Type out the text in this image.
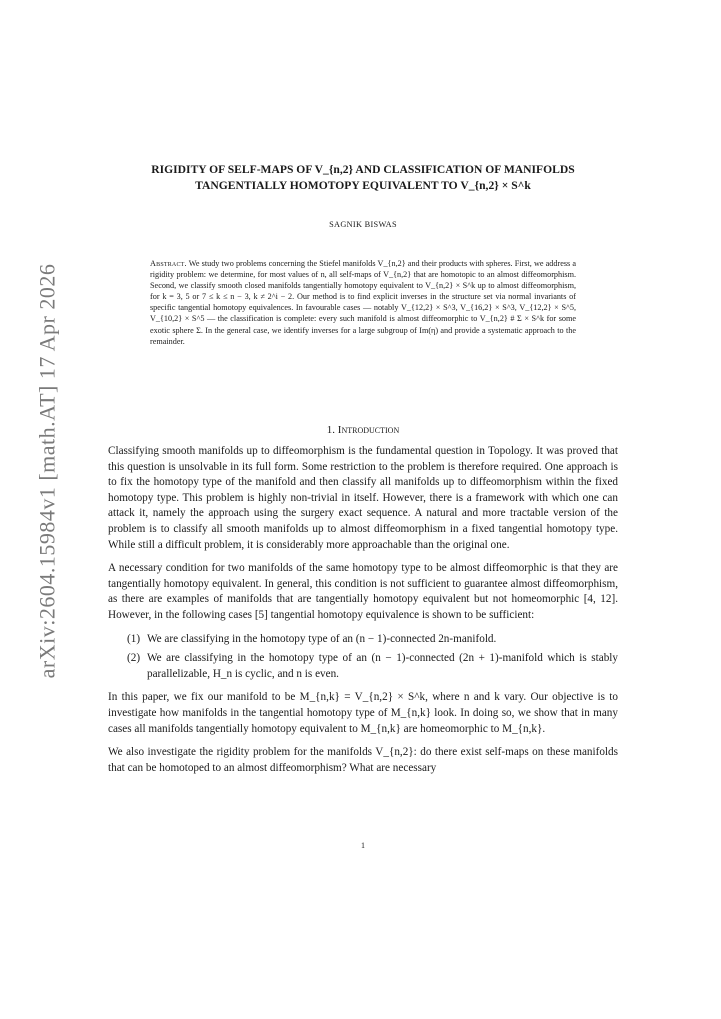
arXiv:2604.15984v1 [math.AT] 17 Apr 2026
RIGIDITY OF SELF-MAPS OF V_{n,2} AND CLASSIFICATION OF MANIFOLDS
TANGENTIALLY HOMOTOPY EQUIVALENT TO V_{n,2} × S^k
SAGNIK BISWAS
Abstract. We study two problems concerning the Stiefel manifolds V_{n,2} and their products with spheres. First, we address a rigidity problem: we determine, for most values of n, all self-maps of V_{n,2} that are homotopic to an almost diffeomorphism. Second, we classify smooth closed manifolds tangentially homotopy equivalent to V_{n,2} × S^k up to almost diffeomorphism, for k = 3, 5 or 7 ≤ k ≤ n − 3, k ≠ 2^i − 2. Our method is to find explicit inverses in the structure set via normal invariants of specific tangential homotopy equivalences. In favourable cases — notably V_{12,2} × S^3, V_{16,2} × S^3, V_{12,2} × S^5, V_{10,2} × S^5 — the classification is complete: every such manifold is almost diffeomorphic to V_{n,2} # Σ × S^k for some exotic sphere Σ. In the general case, we identify inverses for a large subgroup of Im(η) and provide a systematic approach to the remainder.
1. Introduction

Classifying smooth manifolds up to diffeomorphism is the fundamental question in Topology. It was proved that this question is unsolvable in its full form. Some restriction to the problem is therefore required. One approach is to fix the homotopy type of the manifold and then classify all manifolds up to diffeomorphism within the fixed homotopy type. This problem is highly non-trivial in itself. However, there is a framework with which one can attack it, namely the approach using the surgery exact sequence. A natural and more tractable version of the problem is to classify all smooth manifolds up to almost diffeomorphism in a fixed tangential homotopy type. While still a difficult problem, it is considerably more approachable than the original one.

A necessary condition for two manifolds of the same homotopy type to be almost diffeomorphic is that they are tangentially homotopy equivalent. In general, this condition is not sufficient to guarantee almost diffeomorphism, as there are examples of manifolds that are tangentially homotopy equivalent but not homeomorphic [4, 12]. However, in the following cases [5] tangential homotopy equivalence is shown to be sufficient:

(1) We are classifying in the homotopy type of an (n − 1)-connected 2n-manifold.
(2) We are classifying in the homotopy type of an (n − 1)-connected (2n + 1)-manifold which is stably parallelizable, H_n is cyclic, and n is even.

In this paper, we fix our manifold to be M_{n,k} = V_{n,2} × S^k, where n and k vary. Our objective is to investigate how manifolds in the tangential homotopy type of M_{n,k} look. In doing so, we show that in many cases all manifolds tangentially homotopy equivalent to M_{n,k} are homeomorphic to M_{n,k}.

We also investigate the rigidity problem for the manifolds V_{n,2}: do there exist self-maps on these manifolds that can be homotoped to an almost diffeomorphism? What are necessary

1
